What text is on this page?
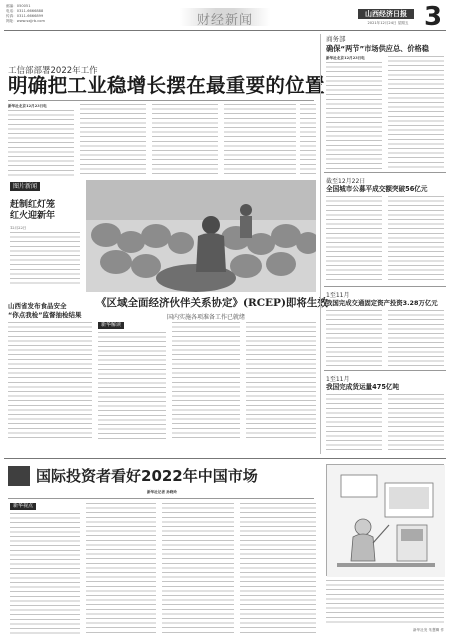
邮编：050051
电话：0311-6666888
传真：0311-6666899
网址：www.sxjjrb.com	财经新闻	山西经济日报
2021年12月24日 星期五 3
工信部部署2022年工作
明确把工业稳增长摆在最重要的位置
新华社北京12月23日电
图片新闻
赶制红灯笼
红火迎新年
12月22日
山西省发布食品安全
“你点我检”监督抽检结果
《区域全面经济伙伴关系协定》(RCEP)即将生效
国内实施各项准备工作已就绪
新华解读
商务部
确保“两节”市场供应总、价格稳
新华社北京12月23日电
截至12月22日
全国城市公募平成交额突破56亿元
1至11月
我国完成交通固定资产投资3.28万亿元
1至11月
我国完成货运量475亿吨
国际投资者看好2022年中国市场
新华社记者 孙晓玲
新华视点
新华社发 朱慧卿 作
